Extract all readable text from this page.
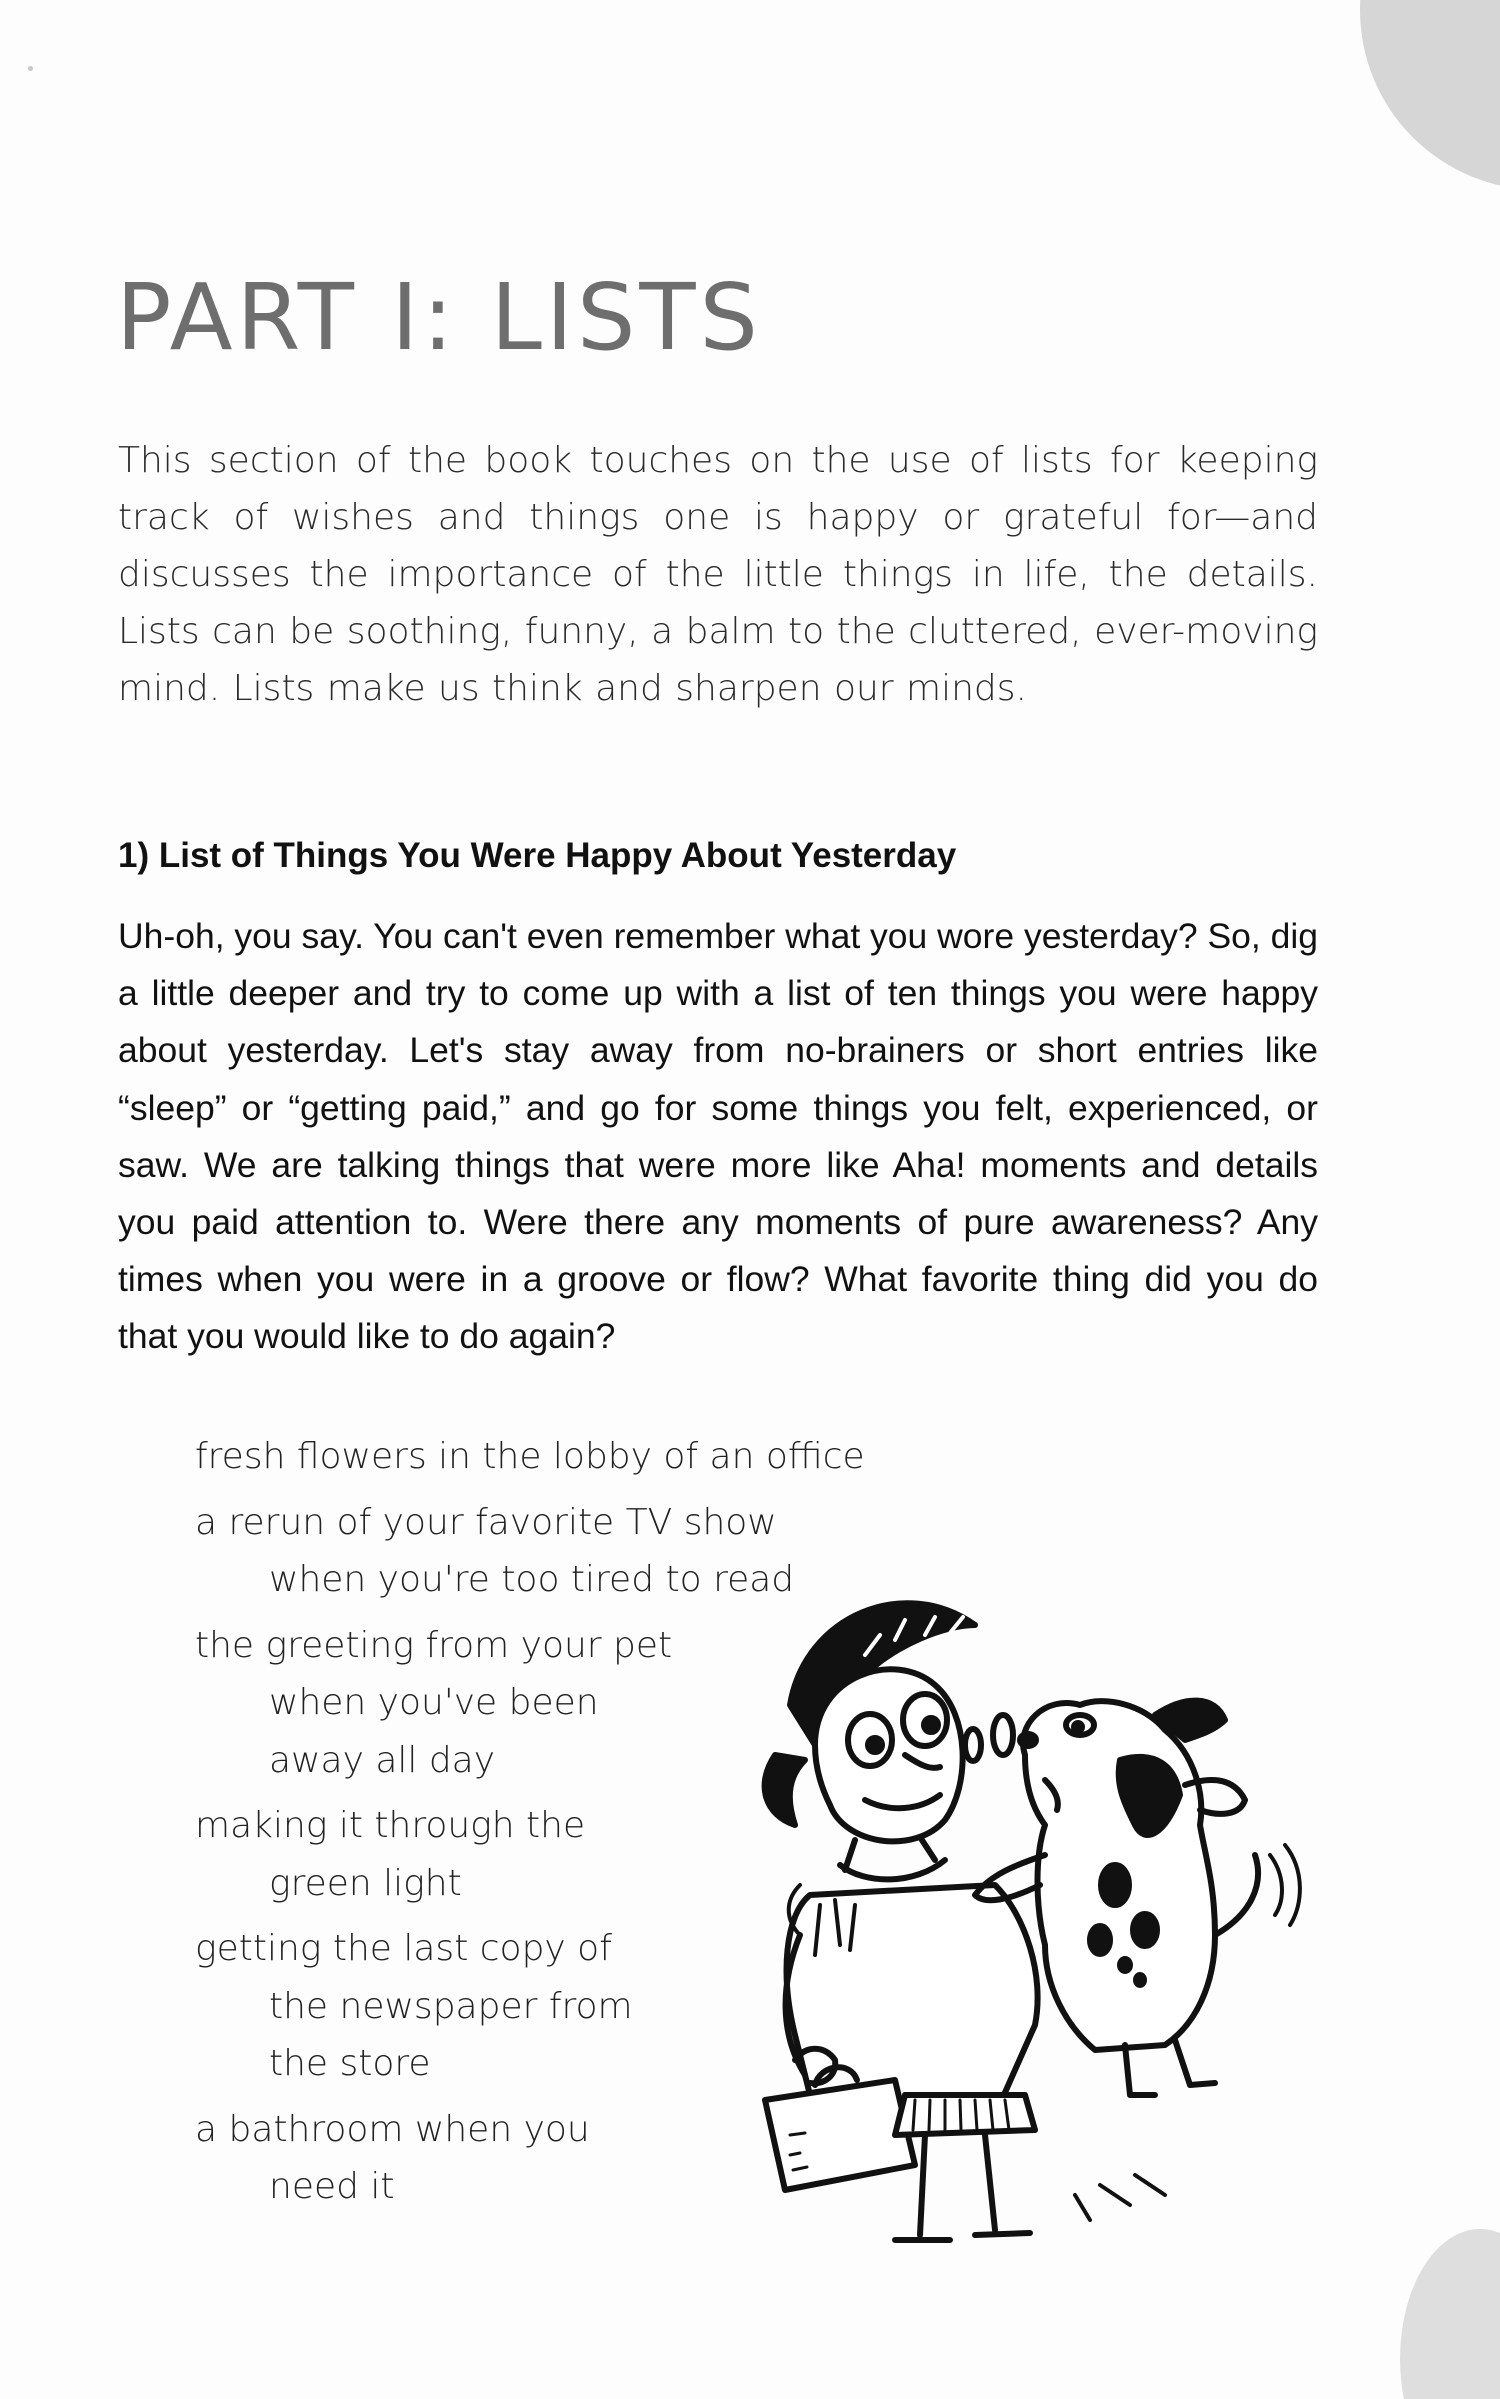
PART I: LISTS

This section of the book touches on the use of lists for keeping track of wishes and things one is happy or grateful for—and discusses the importance of the little things in life, the details. Lists can be soothing, funny, a balm to the cluttered, ever-moving mind. Lists make us think and sharpen our minds.

1) List of Things You Were Happy About Yesterday

Uh-oh, you say. You can't even remember what you wore yesterday? So, dig a little deeper and try to come up with a list of ten things you were happy about yesterday. Let's stay away from no-brainers or short entries like “sleep” or “getting paid,” and go for some things you felt, experienced, or saw. We are talking things that were more like Aha! moments and details you paid attention to. Were there any moments of pure awareness? Any times when you were in a groove or flow? What favorite thing did you do that you would like to do again?

fresh flowers in the lobby of an office
a rerun of your favorite TV show
when you're too tired to read
the greeting from your pet
when you've been
away all day
making it through the
green light
getting the last copy of
the newspaper from
the store
a bathroom when you
need it
